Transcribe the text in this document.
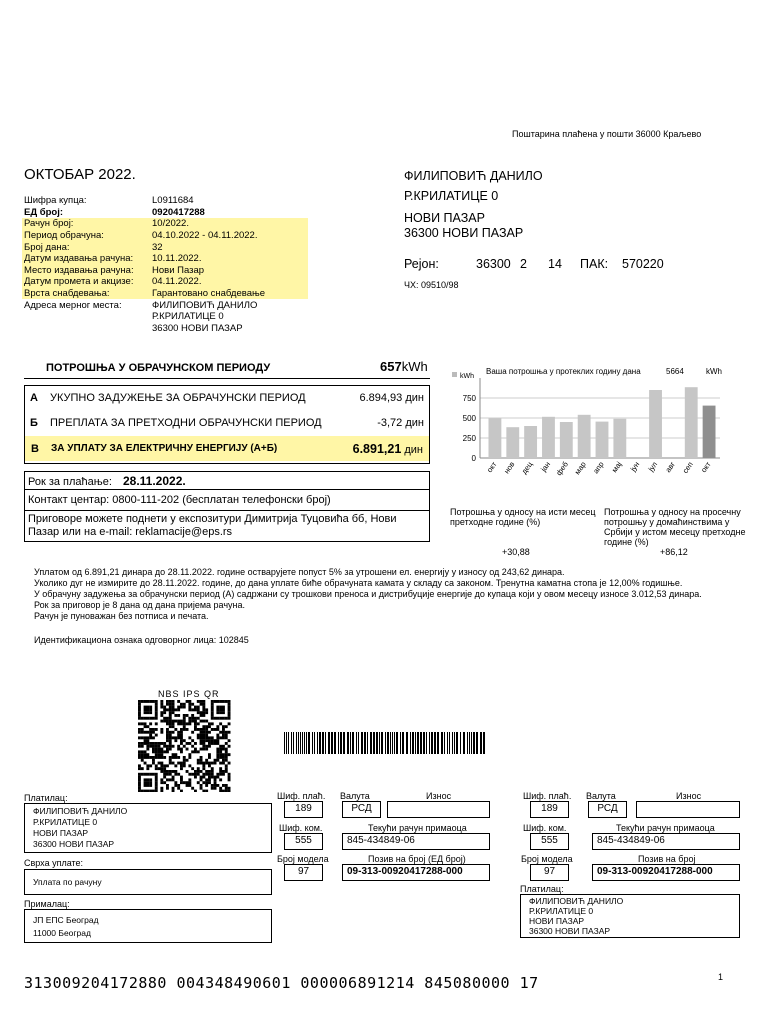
Поштарина плаћена у пошти 36000 Краљево
ОКТОБАР 2022.
Шифра купца:	L0911684
ЕД број:	0920417288
Рачун број:	10/2022.
Период обрачуна:	04.10.2022 - 04.11.2022.
Број дана:	32
Датум издавања рачуна:	10.11.2022.
Место издавања рачуна:	Нови Пазар
Датум промета и акцизе:	04.11.2022.
Врста снабдевања:	Гарантовано снабдевање
Адреса мерног места:	ФИЛИПОВИЋ ДАНИЛО
	Р.КРИЛАТИЦЕ 0
	36300 НОВИ ПАЗАР
ФИЛИПОВИЋ ДАНИЛО
Р.КРИЛАТИЦЕ 0
НОВИ ПАЗАР
36300 НОВИ ПАЗАР
Рејон:	36300 2	14	ПАК:	570220
ЧХ: 09510/98
ПОТРОШЊА У ОБРАЧУНСКОМ ПЕРИОДУ	657kWh
А	УКУПНО ЗАДУЖЕЊЕ ЗА ОБРАЧУНСКИ ПЕРИОД	6.894,93 дин
Б	ПРЕПЛАТА ЗА ПРЕТХОДНИ ОБРАЧУНСКИ ПЕРИОД	-3,72 дин
В	ЗА УПЛАТУ ЗА ЕЛЕКТРИЧНУ ЕНЕРГИЈУ (А+Б)	6.891,21 дин
Рок за плаћање: 28.11.2022.
Контакт центар: 0800-111-202 (бесплатан телефонски број)
Приговоре можете поднети у експозитури Димитрија Туцовића бб, Нови Пазар или на e-mail: reklamacije@eps.rs
Ваша потрошња у протеклих годину дана	5664	kWh
kWh
0
250
500
750
окт нов дец јан феб мар апр мај јун јул авг сеп окт
Потрошња у односу на исти месец претходне године (%)
Потрошња у односу на просечну потрошњу у домаћинствима у Србији у истом месецу претходне године (%)
+30,88	+86,12
Уплатом од 6.891,21 динара до 28.11.2022. године остварујете попуст 5% за утрошени ел. енергију у износу од 243,62 динара.
Уколико дуг не измирите до 28.11.2022. године, до дана уплате биће обрачуната камата у складу са законом. Тренутна каматна стопа је 12,00% годишње.
У обрачуну задужења за обрачунски период (А) садржани су трошкови преноса и дистрибуције енергије до купаца који у овом месецу износе 3.012,53 динара.
Рок за приговор је 8 дана од дана пријема рачуна.
Рачун је пуноважан без потписа и печата.
Идентификациона ознака одговорног лица: 102845
NBS IPS QR
Платилац:
ФИЛИПОВИЋ ДАНИЛО
Р.КРИЛАТИЦЕ 0
НОВИ ПАЗАР
36300 НОВИ ПАЗАР
Сврха уплате:
Уплата по рачуну
Прималац:
ЈП ЕПС Београд
11000 Београд
Шиф. плаћ. Валута	Износ
189	РСД
Шиф. ком.	Текући рачун примаоца
555	845-434849-06
Број модела	Позив на број (ЕД број)
97	09-313-00920417288-000
Шиф. плаћ. Валута	Износ
189	РСД
Шиф. ком.	Текући рачун примаоца
555	845-434849-06
Број модела	Позив на број
97	09-313-00920417288-000
Платилац:
ФИЛИПОВИЋ ДАНИЛО
Р.КРИЛАТИЦЕ 0
НОВИ ПАЗАР
36300 НОВИ ПАЗАР
313009204172880 004348490601 000006891214 845080000 17	1
